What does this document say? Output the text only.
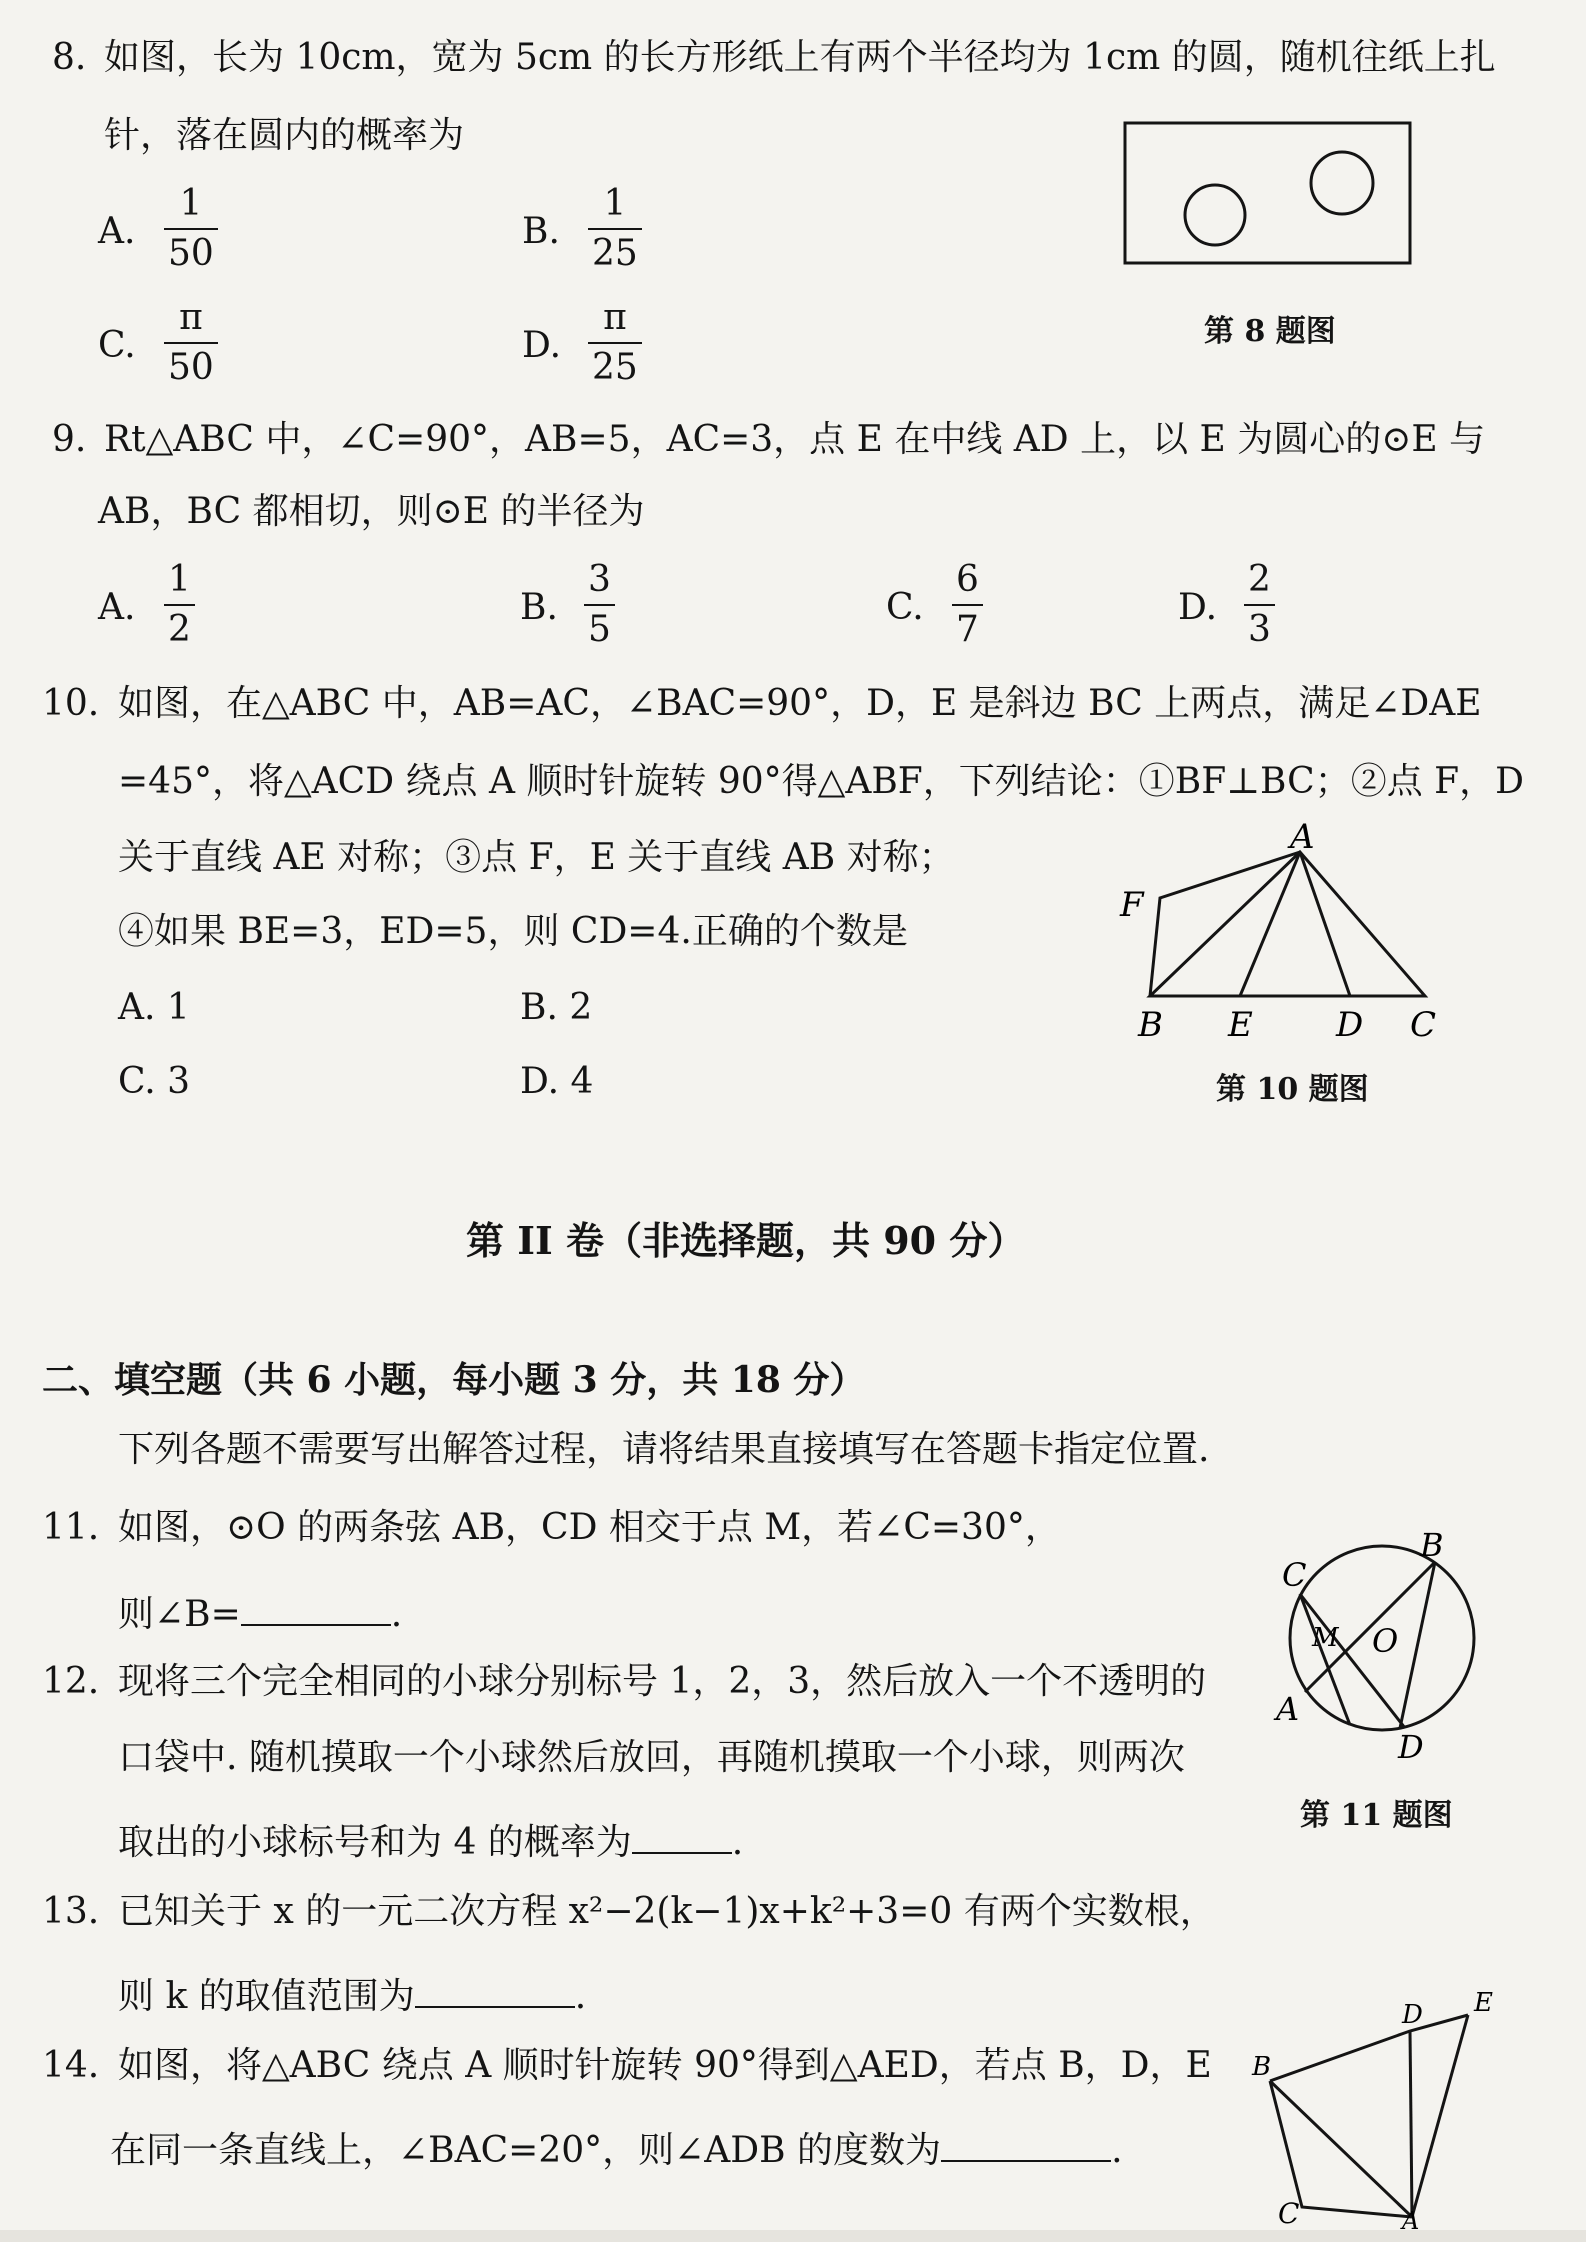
8. 如图，长为 10cm，宽为 5cm 的长方形纸上有两个半径均为 1cm 的圆，随机往纸上扎
针，落在圆内的概率为
A.
1
50
B.
1
25
C.
π
50
D.
π
25
第 8 题图
9. Rt△ABC 中，∠C=90°，AB=5，AC=3，点 E 在中线 AD 上，以 E 为圆心的⊙E 与
AB，BC 都相切，则⊙E 的半径为
A.
1
2
B.
3
5
C.
6
7
D.
2
3
10. 如图，在△ABC 中，AB=AC，∠BAC=90°，D，E 是斜边 BC 上两点，满足∠DAE
=45°，将△ACD 绕点 A 顺时针旋转 90°得△ABF，下列结论：①BF⊥BC；②点 F，D
关于直线 AE 对称；③点 F，E 关于直线 AB 对称；
④如果 BE=3，ED=5，则 CD=4.正确的个数是
A. 1	B. 2
C. 3	D. 4
A
F
B E D C
第 10 题图
第 II 卷（非选择题，共 90 分）
二、填空题（共 6 小题，每小题 3 分，共 18 分）
下列各题不需要写出解答过程，请将结果直接填写在答题卡指定位置.
11. 如图，⊙O 的两条弦 AB，CD 相交于点 M，若∠C=30°，
则∠B=	.
C
B
M O
A
D
第 11 题图
12. 现将三个完全相同的小球分别标号 1，2，3，然后放入一个不透明的
口袋中. 随机摸取一个小球然后放回，再随机摸取一个小球，则两次
取出的小球标号和为 4 的概率为	.
13. 已知关于 x 的一元二次方程 x²−2(k−1)x+k²+3=0 有两个实数根，
则 k 的取值范围为	.
14. 如图，将△ABC 绕点 A 顺时针旋转 90°得到△AED，若点 B，D，E
在同一条直线上，∠BAC=20°，则∠ADB 的度数为	.
B
D E
C	A
